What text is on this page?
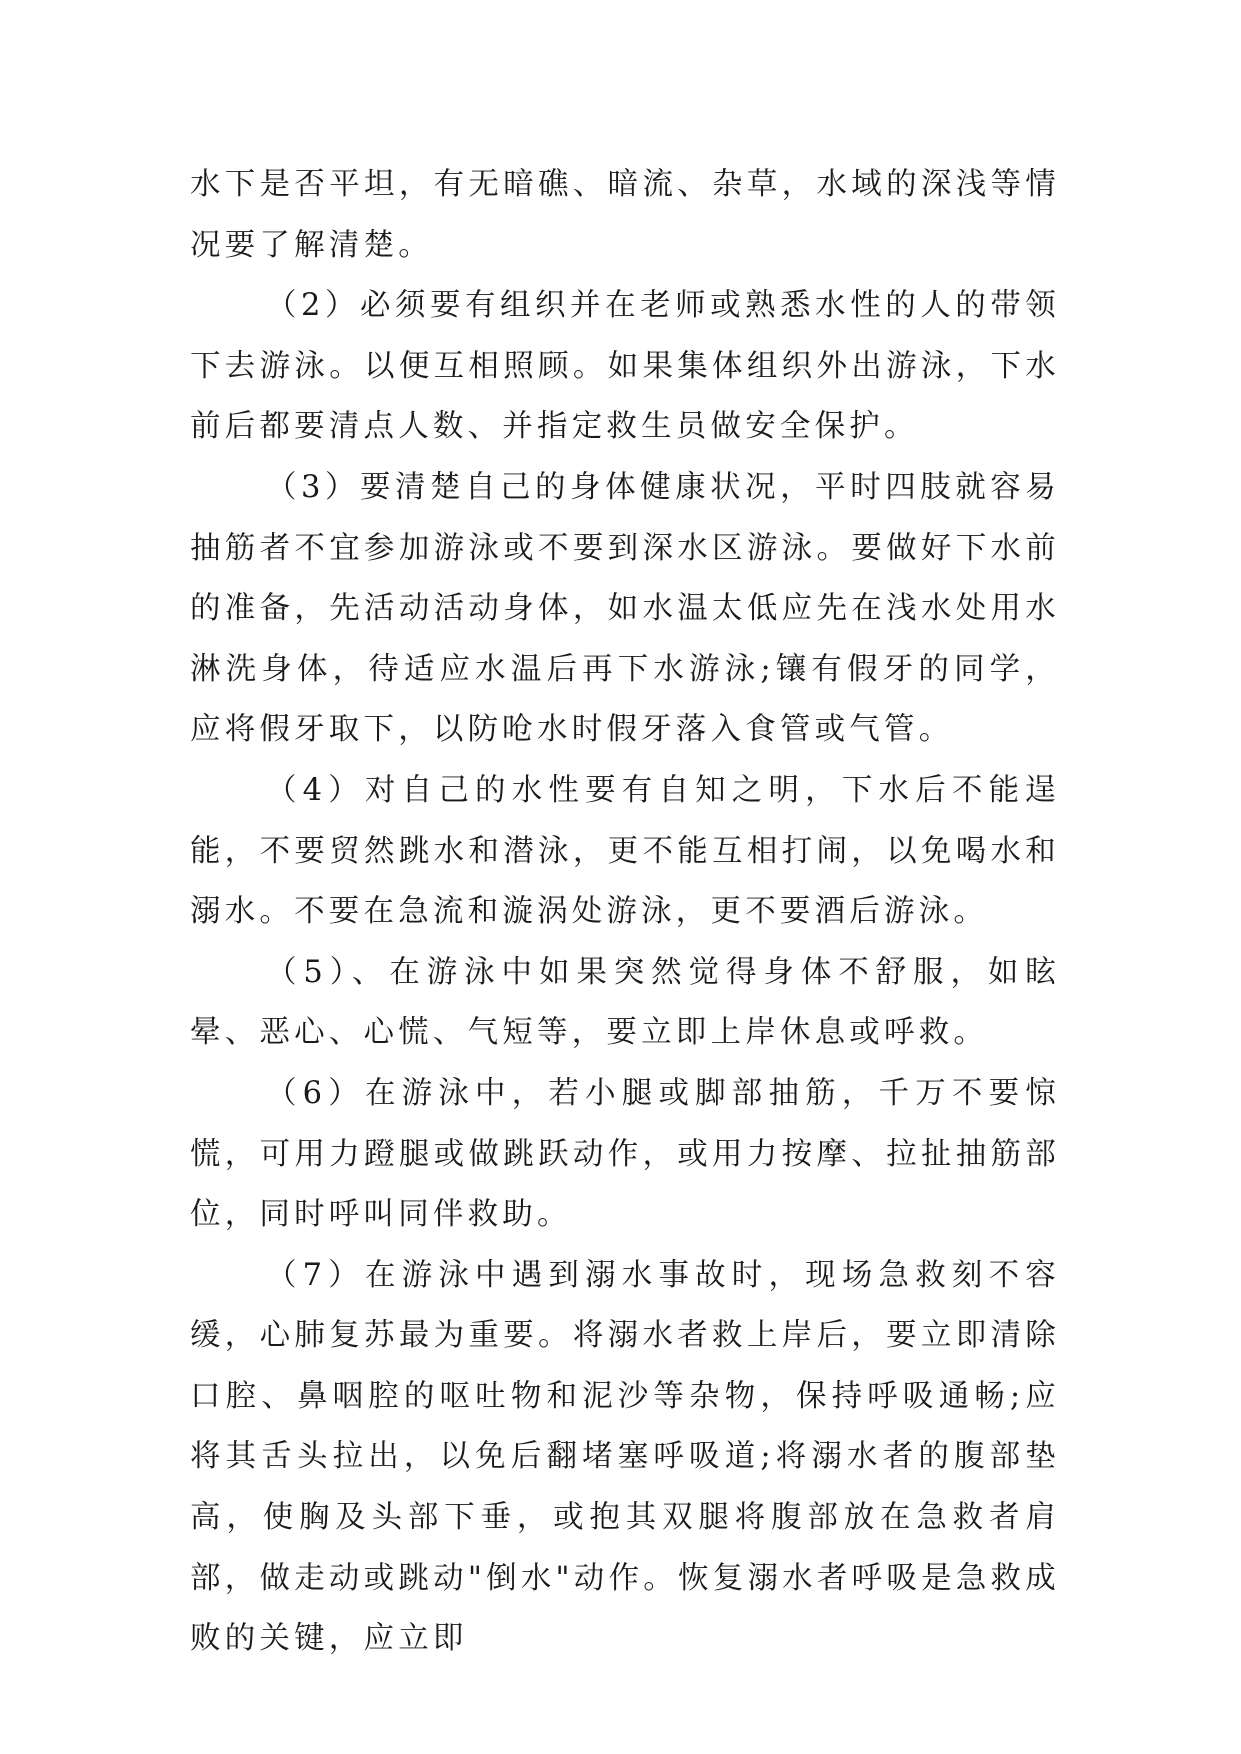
水下是否平坦，有无暗礁、暗流、杂草，水域的深浅等情况要了解清楚。

（2）必须要有组织并在老师或熟悉水性的人的带领下去游泳。以便互相照顾。如果集体组织外出游泳，下水前后都要清点人数、并指定救生员做安全保护。

（3）要清楚自己的身体健康状况，平时四肢就容易抽筋者不宜参加游泳或不要到深水区游泳。要做好下水前的准备，先活动活动身体，如水温太低应先在浅水处用水淋洗身体，待适应水温后再下水游泳;镶有假牙的同学，应将假牙取下，以防呛水时假牙落入食管或气管。

（4）对自己的水性要有自知之明，下水后不能逞能，不要贸然跳水和潜泳，更不能互相打闹，以免喝水和溺水。不要在急流和漩涡处游泳，更不要酒后游泳。

（5）、在游泳中如果突然觉得身体不舒服，如眩晕、恶心、心慌、气短等，要立即上岸休息或呼救。

（6）在游泳中，若小腿或脚部抽筋，千万不要惊慌，可用力蹬腿或做跳跃动作，或用力按摩、拉扯抽筋部位，同时呼叫同伴救助。

（7）在游泳中遇到溺水事故时，现场急救刻不容缓，心肺复苏最为重要。将溺水者救上岸后，要立即清除口腔、鼻咽腔的呕吐物和泥沙等杂物，保持呼吸通畅;应将其舌头拉出，以免后翻堵塞呼吸道;将溺水者的腹部垫高，使胸及头部下垂，或抱其双腿将腹部放在急救者肩部，做走动或跳动"倒水"动作。恢复溺水者呼吸是急救成败的关键，应立即
